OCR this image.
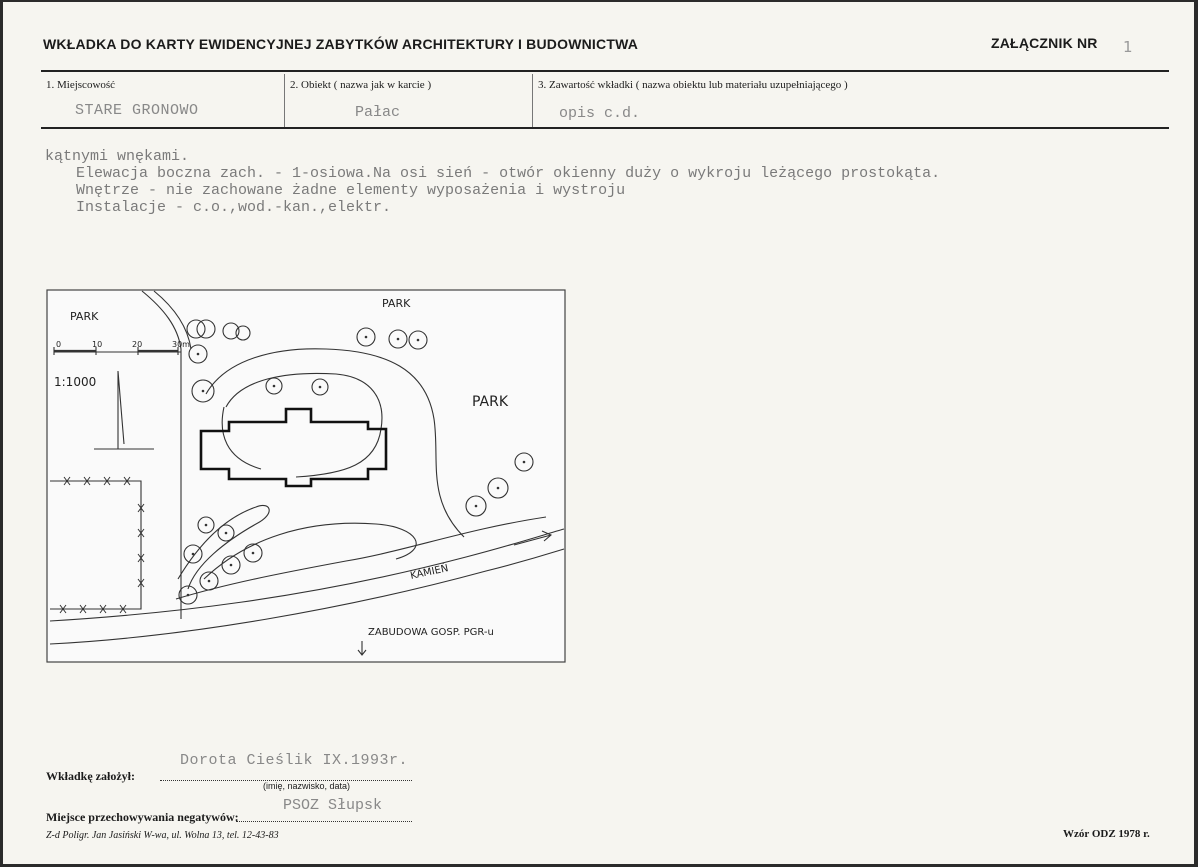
WKŁADKA DO KARTY EWIDENCYJNEJ ZABYTKÓW ARCHITEKTURY I BUDOWNICTWA	ZAŁĄCZNIK NR 1
1. Miejscowość	2. Obiekt ( nazwa jak w karcie )	3. Zawartość wkładki ( nazwa obiektu lub materiału uzupełniającego )
STARE GRONOWO	Pałac	opis c.d.
kątnymi wnękami.
Elewacja boczna zach. - 1-osiowa.Na osi sień - otwór okienny duży o wykroju leżącego prostokąta.
Wnętrze - nie zachowane żadne elementy wyposażenia i wystroju
Instalacje - c.o.,wod.-kan.,elektr.
PARK
PARK
PARK
0	10	20	30m
1:1000
KAMIEŃ
ZABUDOWA GOSP. PGR-u
Dorota Cieślik IX.1993r.
Wkładkę założył:
(imię, nazwisko, data)
PSOZ Słupsk
Miejsce przechowywania negatywów:
Z-d Poligr. Jan Jasiński W-wa, ul. Wolna 13, tel. 12-43-83	Wzór ODZ 1978 r.
